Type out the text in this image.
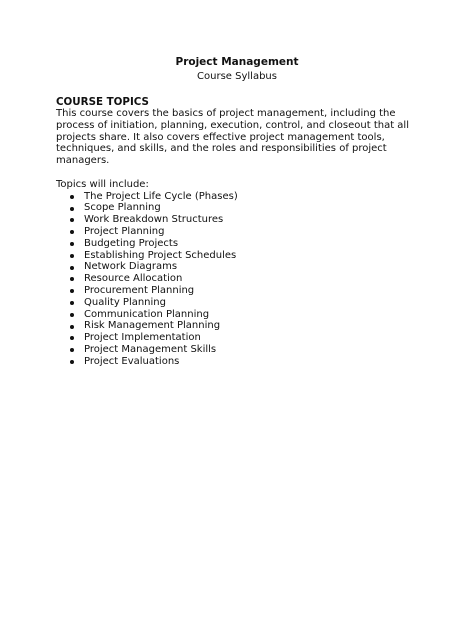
Project Management
Course Syllabus
COURSE TOPICS

This course covers the basics of project management, including the process of initiation, planning, execution, control, and closeout that all projects share. It also covers effective project management tools, techniques, and skills, and the roles and responsibilities of project managers.

Topics will include:

The Project Life Cycle (Phases)
Scope Planning
Work Breakdown Structures
Project Planning
Budgeting Projects
Establishing Project Schedules
Network Diagrams
Resource Allocation
Procurement Planning
Quality Planning
Communication Planning
Risk Management Planning
Project Implementation
Project Management Skills
Project Evaluations
